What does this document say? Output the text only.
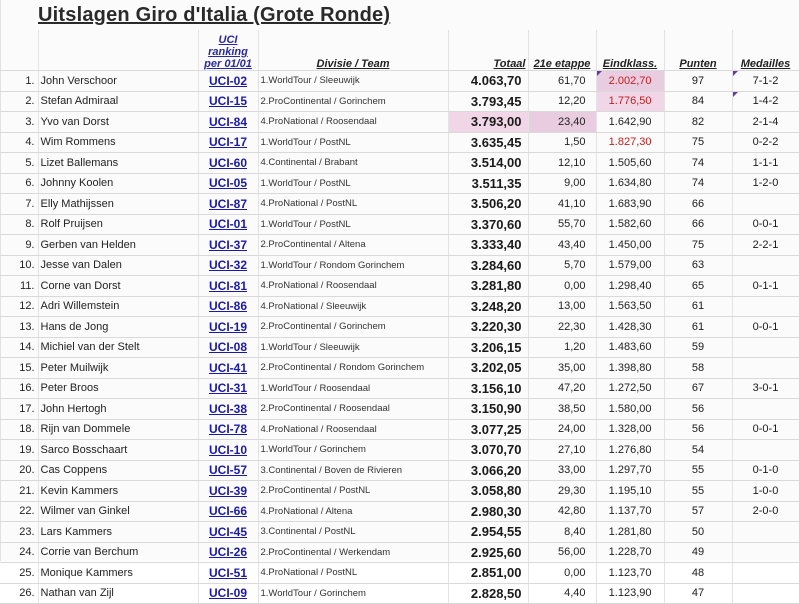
Uitslagen Giro d'Italia (Grote Ronde)
		UCI ranking per 01/01	Divisie / Team	Totaal	21e etappe	Eindklass.	Punten	Medailles
1.	John Verschoor	UCI-02	1.WorldTour / Sleeuwijk	4.063,70	61,70	2.002,70	97	7-1-2
2.	Stefan Admiraal	UCI-15	2.ProContinental / Gorinchem	3.793,45	12,20	1.776,50	84	1-4-2
3.	Yvo van Dorst	UCI-84	4.ProNational / Roosendaal	3.793,00	23,40	1.642,90	82	2-1-4
4.	Wim Rommens	UCI-17	1.WorldTour / PostNL	3.635,45	1,50	1.827,30	75	0-2-2
5.	Lizet Ballemans	UCI-60	4.Continental / Brabant	3.514,00	12,10	1.505,60	74	1-1-1
6.	Johnny Koolen	UCI-05	1.WorldTour / PostNL	3.511,35	9,00	1.634,80	74	1-2-0
7.	Elly Mathijssen	UCI-87	4.ProNational / PostNL	3.506,20	41,10	1.683,90	66	
8.	Rolf Pruijsen	UCI-01	1.WorldTour / PostNL	3.370,60	55,70	1.582,60	66	0-0-1
9.	Gerben van Helden	UCI-37	2.ProContinental / Altena	3.333,40	43,40	1.450,00	75	2-2-1
10.	Jesse van Dalen	UCI-32	1.WorldTour / Rondom Gorinchem	3.284,60	5,70	1.579,00	63	
11.	Corne van Dorst	UCI-81	4.ProNational / Roosendaal	3.281,80	0,00	1.298,40	65	0-1-1
12.	Adri Willemstein	UCI-86	4.ProNational / Sleeuwijk	3.248,20	13,00	1.563,50	61	
13.	Hans de Jong	UCI-19	2.ProContinental / Gorinchem	3.220,30	22,30	1.428,30	61	0-0-1
14.	Michiel van der Stelt	UCI-08	1.WorldTour / Sleeuwijk	3.206,15	1,20	1.483,60	59	
15.	Peter Muilwijk	UCI-41	2.ProContinental / Rondom Gorinchem	3.202,05	35,00	1.398,80	58	
16.	Peter Broos	UCI-31	1.WorldTour / Roosendaal	3.156,10	47,20	1.272,50	67	3-0-1
17.	John Hertogh	UCI-38	2.ProContinental / Roosendaal	3.150,90	38,50	1.580,00	56	
18.	Rijn van Dommele	UCI-78	4.ProNational / Roosendaal	3.077,25	24,00	1.328,00	56	0-0-1
19.	Sarco Bosschaart	UCI-10	1.WorldTour / Gorinchem	3.070,70	27,10	1.276,80	54	
20.	Cas Coppens	UCI-57	3.Continental / Boven de Rivieren	3.066,20	33,00	1.297,70	55	0-1-0
21.	Kevin Kammers	UCI-39	2.ProContinental / PostNL	3.058,80	29,30	1.195,10	55	1-0-0
22.	Wilmer van Ginkel	UCI-66	4.ProNational / Altena	2.980,30	42,80	1.137,70	57	2-0-0
23.	Lars Kammers	UCI-45	3.Continental / PostNL	2.954,55	8,40	1.281,80	50	
24.	Corrie van Berchum	UCI-26	2.ProContinental / Werkendam	2.925,60	56,00	1.228,70	49	
25.	Monique Kammers	UCI-51	4.ProNational / PostNL	2.851,00	0,00	1.123,70	48	
26.	Nathan van Zijl	UCI-09	1.WorldTour / Gorinchem	2.828,50	4,40	1.123,90	47	
